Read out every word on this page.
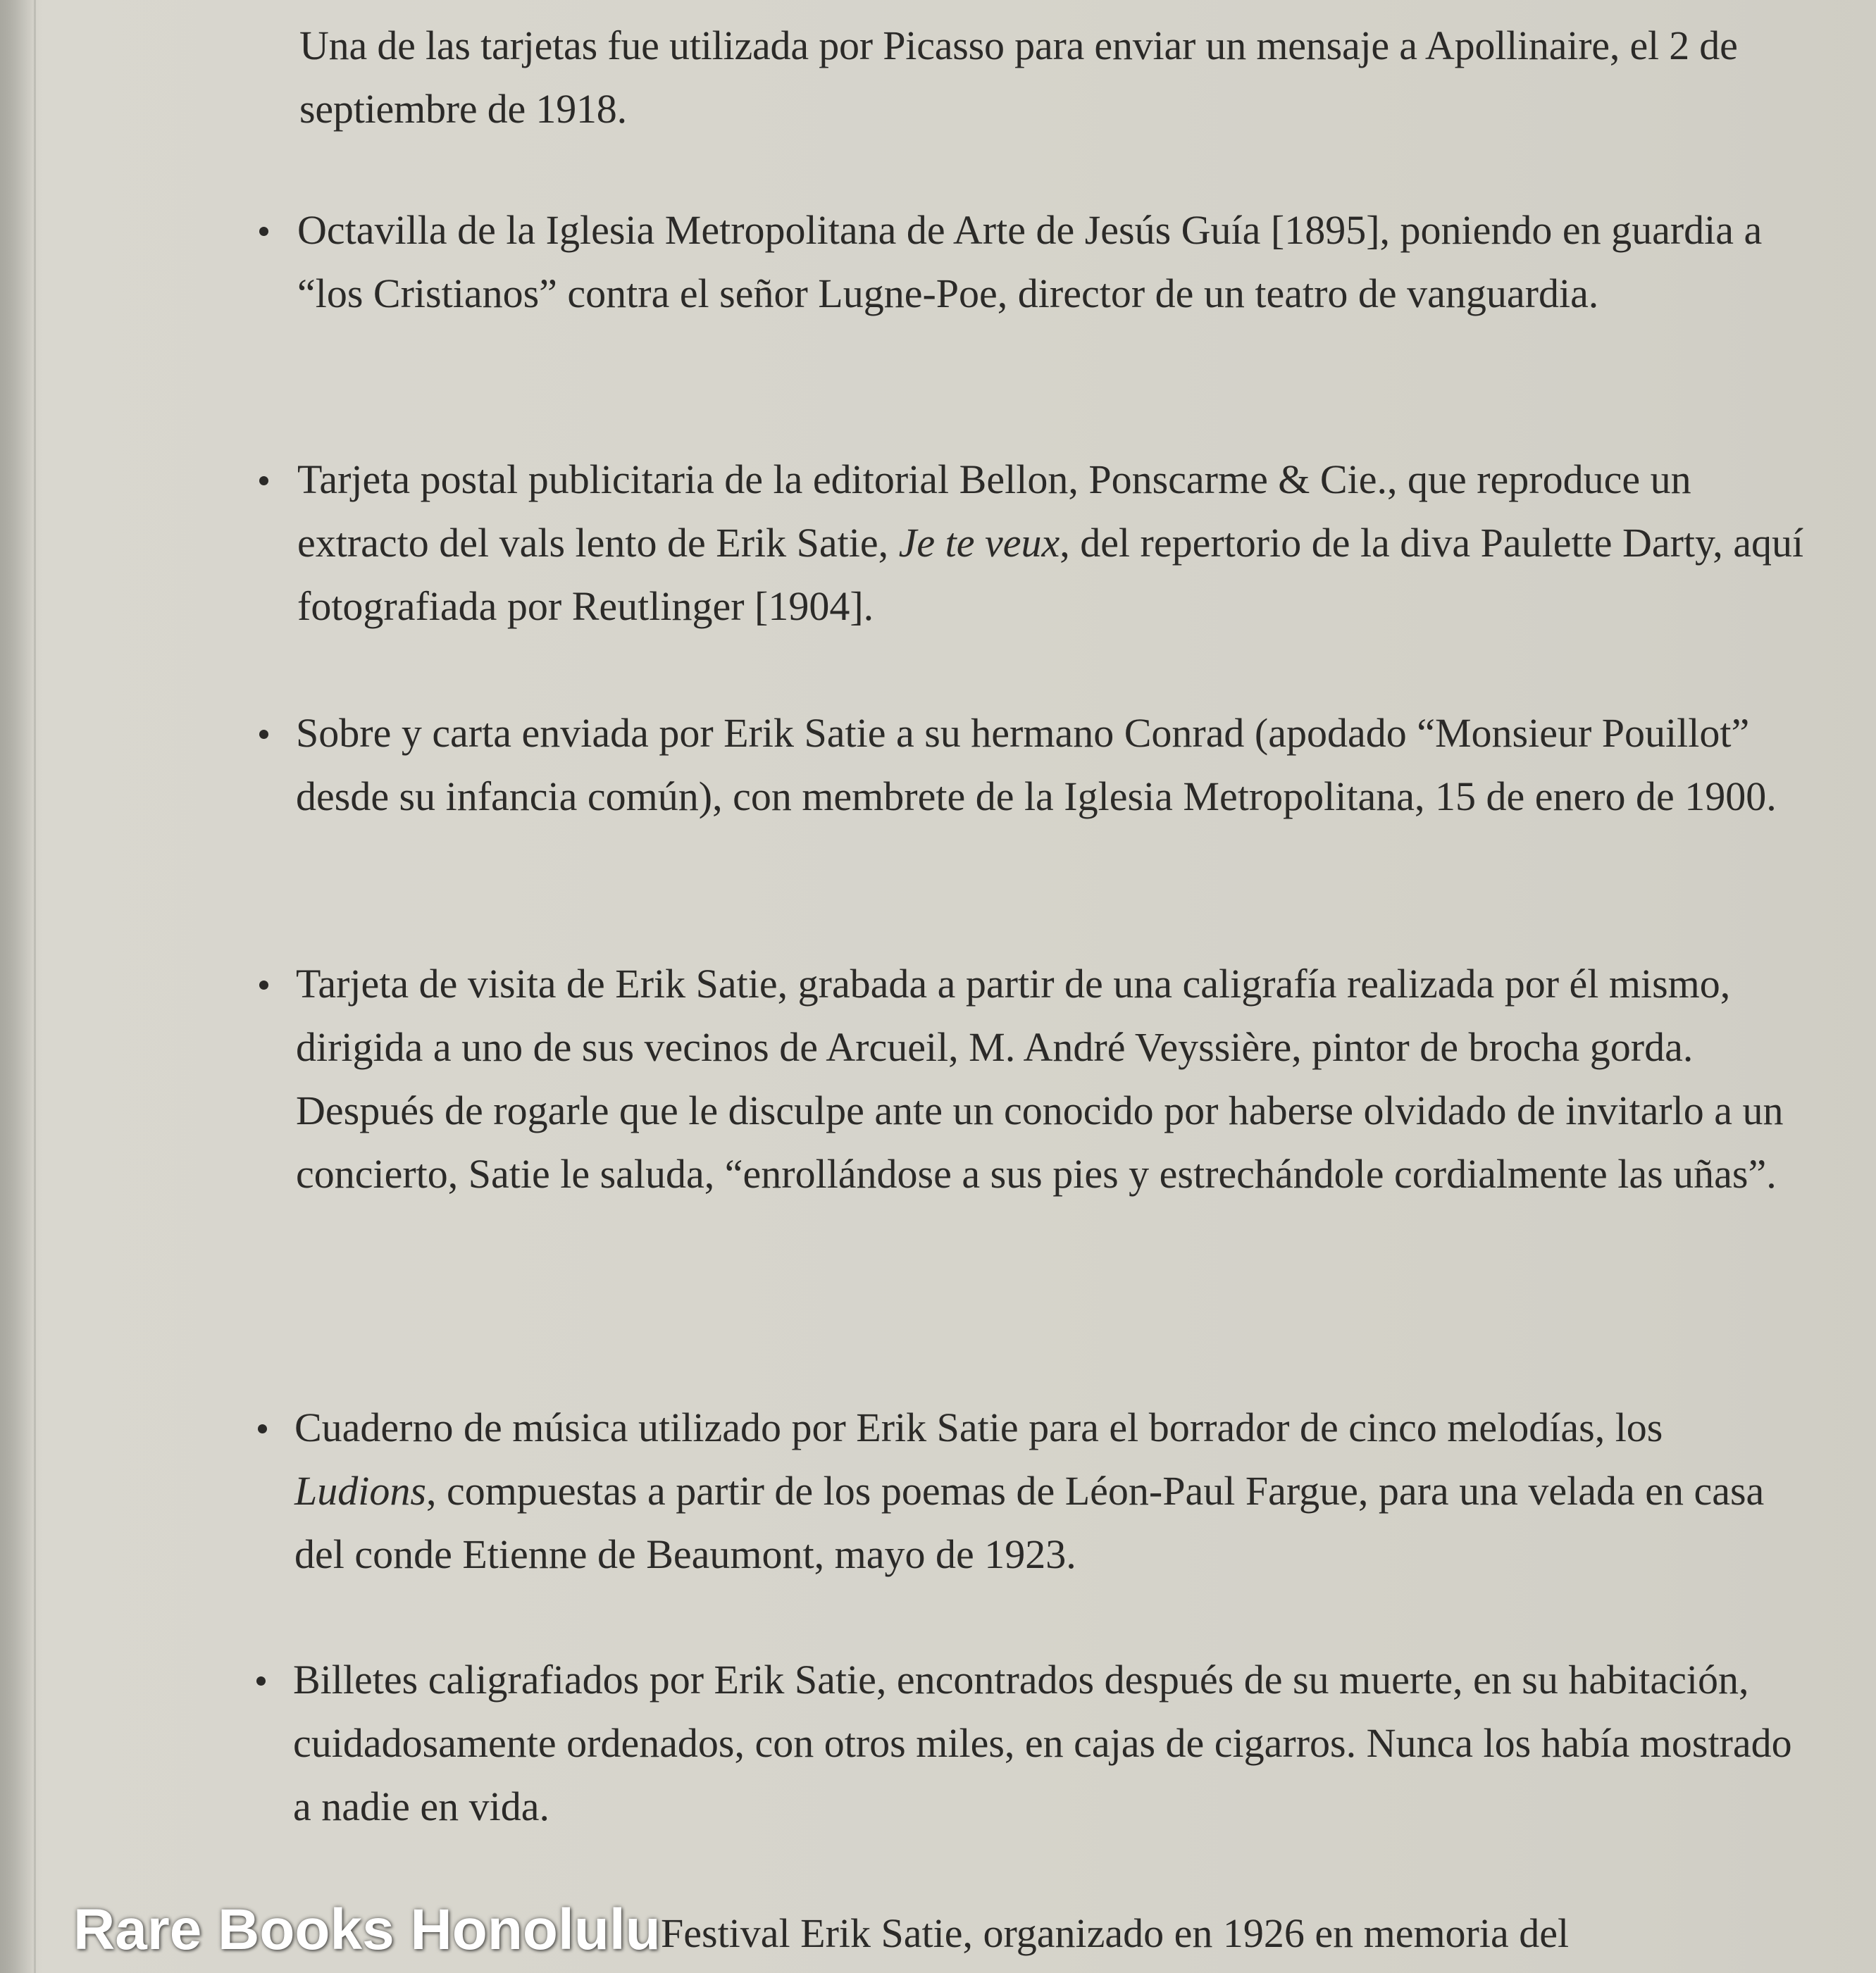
Una de las tarjetas fue utilizada por Picasso para enviar un mensaje a Apollinaire, el 2 de septiembre de 1918.

Octavilla de la Iglesia Metropolitana de Arte de Jesús Guía [1895], poniendo en guardia a “los Cristianos” contra el señor Lugne-Poe, director de un teatro de vanguardia.

Tarjeta postal publicitaria de la editorial Bellon, Ponscarme & Cie., que reproduce un extracto del vals lento de Erik Satie, Je te veux, del repertorio de la diva Paulette Darty, aquí fotografiada por Reutlinger [1904].

Sobre y carta enviada por Erik Satie a su hermano Conrad (apodado “Monsieur Pouillot” desde su infancia común), con membrete de la Iglesia Metropolitana, 15 de enero de 1900.

Tarjeta de visita de Erik Satie, grabada a partir de una caligrafía realizada por él mismo, dirigida a uno de sus vecinos de Arcueil, M. André Veyssière, pintor de brocha gorda. Después de rogarle que le disculpe ante un conocido por haberse olvidado de invitarlo a un concierto, Satie le saluda, “enrollándose a sus pies y estrechándole cordialmente las uñas”.

Cuaderno de música utilizado por Erik Satie para el borrador de cinco melodías, los Ludions, compuestas a partir de los poemas de Léon-Paul Fargue, para una velada en casa del conde Etienne de Beaumont, mayo de 1923.

Billetes caligrafiados por Erik Satie, encontrados después de su muerte, en su habitación, cuidadosamente ordenados, con otros miles, en cajas de cigarros. Nunca los había mostrado a nadie en vida.

Festival Erik Satie, organizado en 1926 en memoria del
Rare Books Honolulu
